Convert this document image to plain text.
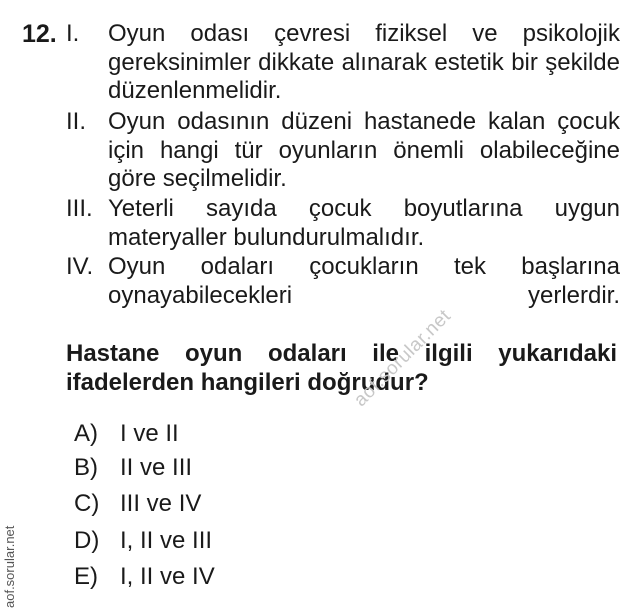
12. I. Oyun odası çevresi fiziksel ve psikolojik gereksinimler dikkate alınarak estetik bir şekilde düzenlenmelidir.
II. Oyun odasının düzeni hastanede kalan çocuk için hangi tür oyunların önemli olabileceğine göre seçilmelidir.
III. Yeterli sayıda çocuk boyutlarına uygun materyaller bulundurulmalıdır.
IV. Oyun odaları çocukların tek başlarına oynayabilecekleri yerlerdir.
Hastane oyun odaları ile ilgili yukarıdaki ifadelerden hangileri doğrudur?
A) I ve II
B) II ve III
C) III ve IV
D) I, II ve III
E) I, II ve IV
aof.sorular.net
aof.sorular.net
